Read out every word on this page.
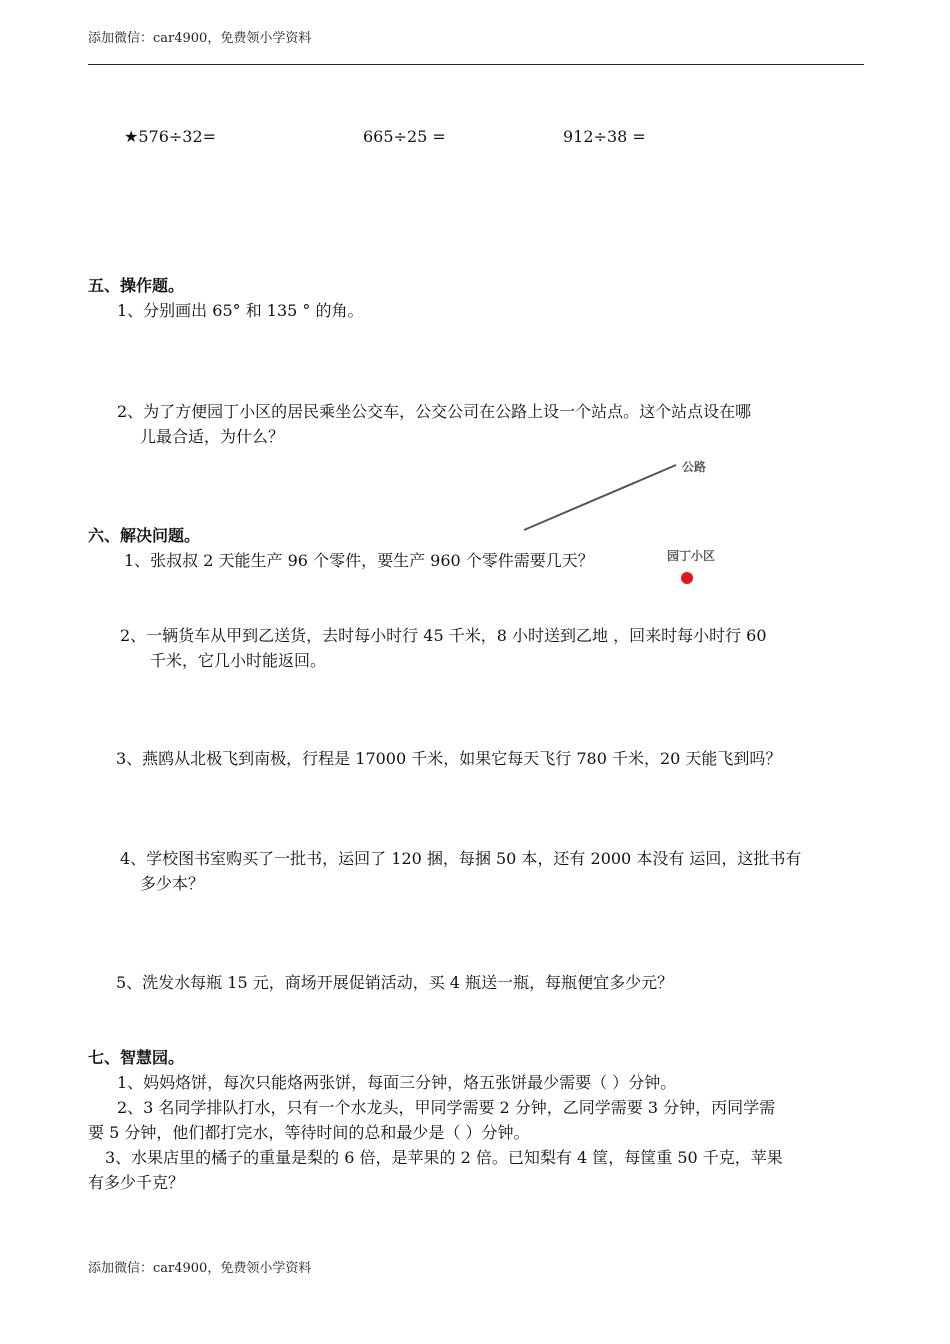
添加微信：car4900，免费领小学资料
★576÷32=	665÷25 =	912÷38 =
五、操作题。
1、分别画出 65° 和 135 ° 的角。
2、为了方便园丁小区的居民乘坐公交车，公交公司在公路上设一个站点。这个站点设在哪
儿最合适，为什么？
公路
园丁小区
六、解决问题。
1、张叔叔 2 天能生产 96 个零件，要生产 960 个零件需要几天？
2、一辆货车从甲到乙送货，去时每小时行 45 千米，8 小时送到乙地 ，回来时每小时行 60
千米，它几小时能返回。
3、燕鸥从北极飞到南极，行程是 17000 千米，如果它每天飞行 780 千米，20 天能飞到吗？
4、学校图书室购买了一批书，运回了 120 捆，每捆 50 本，还有 2000 本没有 运回，这批书有
多少本？
5、洗发水每瓶 15 元，商场开展促销活动，买 4 瓶送一瓶，每瓶便宜多少元？
七、智慧园。
1、妈妈烙饼，每次只能烙两张饼，每面三分钟，烙五张饼最少需要（ ）分钟。
2、3 名同学排队打水，只有一个水龙头，甲同学需要 2 分钟，乙同学需要 3 分钟，丙同学需
要 5 分钟，他们都打完水，等待时间的总和最少是（ ）分钟。
3、水果店里的橘子的重量是梨的 6 倍，是苹果的 2 倍。已知梨有 4 筐，每筐重 50 千克，苹果
有多少千克？
添加微信：car4900，免费领小学资料
